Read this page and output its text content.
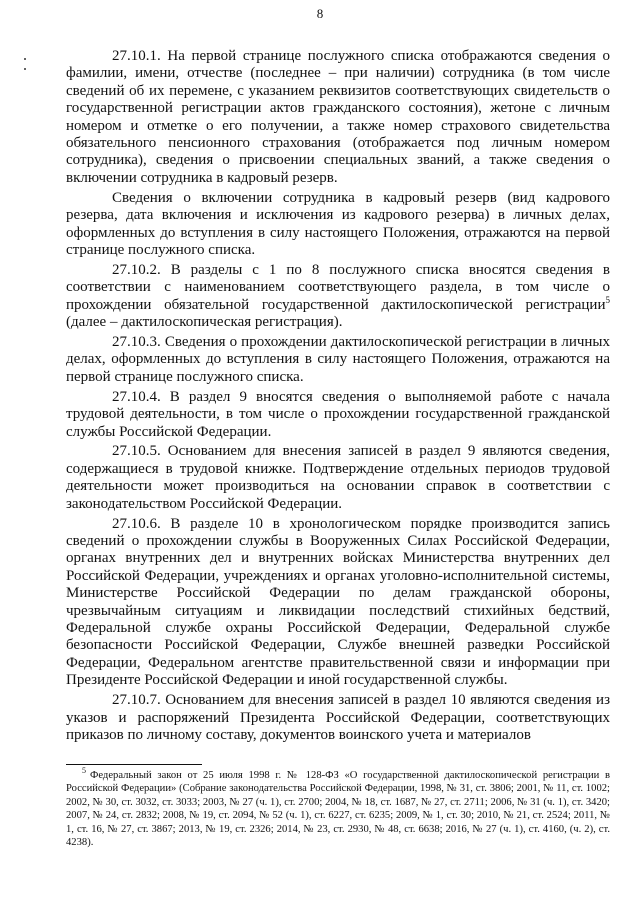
8

27.10.1. На первой странице послужного списка отображаются сведения о фамилии, имени, отчестве (последнее – при наличии) сотрудника (в том числе сведений об их перемене, с указанием реквизитов соответствующих свидетельств о государственной регистрации актов гражданского состояния), жетоне с личным номером и отметке о его получении, а также номер страхового свидетельства обязательного пенсионного страхования (отображается под личным номером сотрудника), сведения о присвоении специальных званий, а также сведения о включении сотрудника в кадровый резерв.

Сведения о включении сотрудника в кадровый резерв (вид кадрового резерва, дата включения и исключения из кадрового резерва) в личных делах, оформленных до вступления в силу настоящего Положения, отражаются на первой странице послужного списка.

27.10.2. В разделы с 1 по 8 послужного списка вносятся сведения в соответствии с наименованием соответствующего раздела, в том числе о прохождении обязательной государственной дактилоскопической регистрации$^5$ (далее – дактилоскопическая регистрация).

27.10.3. Сведения о прохождении дактилоскопической регистрации в личных делах, оформленных до вступления в силу настоящего Положения, отражаются на первой странице послужного списка.

27.10.4. В раздел 9 вносятся сведения о выполняемой работе с начала трудовой деятельности, в том числе о прохождении государственной гражданской службы Российской Федерации.

27.10.5. Основанием для внесения записей в раздел 9 являются сведения, содержащиеся в трудовой книжке. Подтверждение отдельных периодов трудовой деятельности может производиться на основании справок в соответствии с законодательством Российской Федерации.

27.10.6. В разделе 10 в хронологическом порядке производится запись сведений о прохождении службы в Вооруженных Силах Российской Федерации, органах внутренних дел и внутренних войсках Министерства внутренних дел Российской Федерации, учреждениях и органах уголовно-исполнительной системы, Министерстве Российской Федерации по делам гражданской обороны, чрезвычайным ситуациям и ликвидации последствий стихийных бедствий, Федеральной службе охраны Российской Федерации, Федеральной службе безопасности Российской Федерации, Службе внешней разведки Российской Федерации, Федеральном агентстве правительственной связи и информации при Президенте Российской Федерации и иной государственной службы.

27.10.7. Основанием для внесения записей в раздел 10 являются сведения из указов и распоряжений Президента Российской Федерации, соответствующих приказов по личному составу, документов воинского учета и материалов

$^5$ Федеральный закон от 25 июля 1998 г. № 128-ФЗ «О государственной дактилоскопической регистрации в Российской Федерации» (Собрание законодательства Российской Федерации, 1998, № 31, ст. 3806; 2001, № 11, ст. 1002; 2002, № 30, ст. 3032, ст. 3033; 2003, № 27 (ч. 1), ст. 2700; 2004, № 18, ст. 1687, № 27, ст. 2711; 2006, № 31 (ч. 1), ст. 3420; 2007, № 24, ст. 2832; 2008, № 19, ст. 2094, № 52 (ч. 1), ст. 6227, ст. 6235; 2009, № 1, ст. 30; 2010, № 21, ст. 2524; 2011, № 1, ст. 16, № 27, ст. 3867; 2013, № 19, ст. 2326; 2014, № 23, ст. 2930, № 48, ст. 6638; 2016, № 27 (ч. 1), ст. 4160, (ч. 2), ст. 4238).
